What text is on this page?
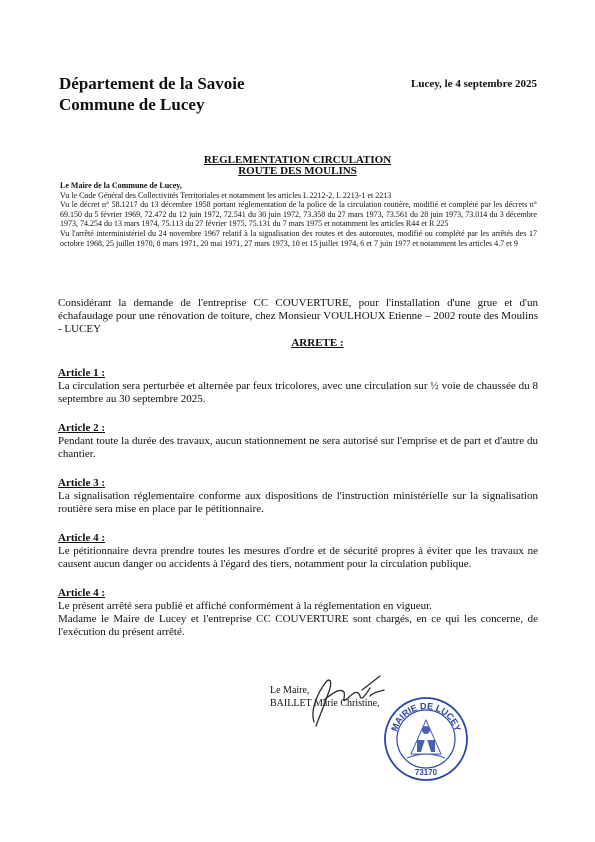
Département de la Savoie
Commune de Lucey
Lucey, le 4 septembre 2025
REGLEMENTATION CIRCULATION
ROUTE DES MOULINS

Le Maire de la Commune de Lucey,

Vu le Code Général des Collectivités Territoriales et notamment les articles L 2212-2, L 2213-1 et 2213

Vu le décret n° 58.1217 du 13 décembre 1958 portant réglementation de la police de la circulation routière, modifié et complété par les décrets n° 69.150 du 5 février 1969, 72.472 du 12 juin 1972, 72.541 du 30 juin 1972, 73.358 du 27 mars 1973, 73.561 du 28 juin 1973, 73.014 du 3 décembre 1973, 74.254 du 13 mars 1974, 75.113 du 27 février 1975, 75.131 du 7 mars 1975 et notamment les articles R44 et R 225

Vu l'arrêté interministériel du 24 novembre 1967 relatif à la signalisation des routes et des autoroutes, modifié ou complété par les arrêtés des 17 octobre 1968, 25 juillet 1970, 8 mars 1971, 20 mai 1971, 27 mars 1973, 10 et 15 juillet 1974, 6 et 7 juin 1977 et notamment les articles 4.7 et 9

Considérant la demande de l'entreprise CC COUVERTURE, pour l'installation d'une grue et d'un échafaudage pour une rénovation de toiture, chez Monsieur VOULHOUX Etienne – 2002 route des Moulins - LUCEY

ARRETE :
Article 1 :

La circulation sera perturbée et alternée par feux tricolores, avec une circulation sur ½ voie de chaussée du 8 septembre au 30 septembre 2025.

Article 2 :

Pendant toute la durée des travaux, aucun stationnement ne sera autorisé sur l'emprise et de part et d'autre du chantier.

Article 3 :

La signalisation réglementaire conforme aux dispositions de l'instruction ministérielle sur la signalisation routière sera mise en place par le pétitionnaire.

Article 4 :

Le pétitionnaire devra prendre toutes les mesures d'ordre et de sécurité propres à éviter que les travaux ne causent aucun danger ou accidents à l'égard des tiers, notamment pour la circulation publique.

Article 4 :

Le présent arrêté sera publié et affiché conformément à la réglementation en vigueur.

Madame le Maire de Lucey et l'entreprise CC COUVERTURE sont chargés, en ce qui les concerne, de l'exécution du présent arrêté.

Le Maire,
BAILLET Marie Christine,
MAIRIE DE LUCEY
73170
